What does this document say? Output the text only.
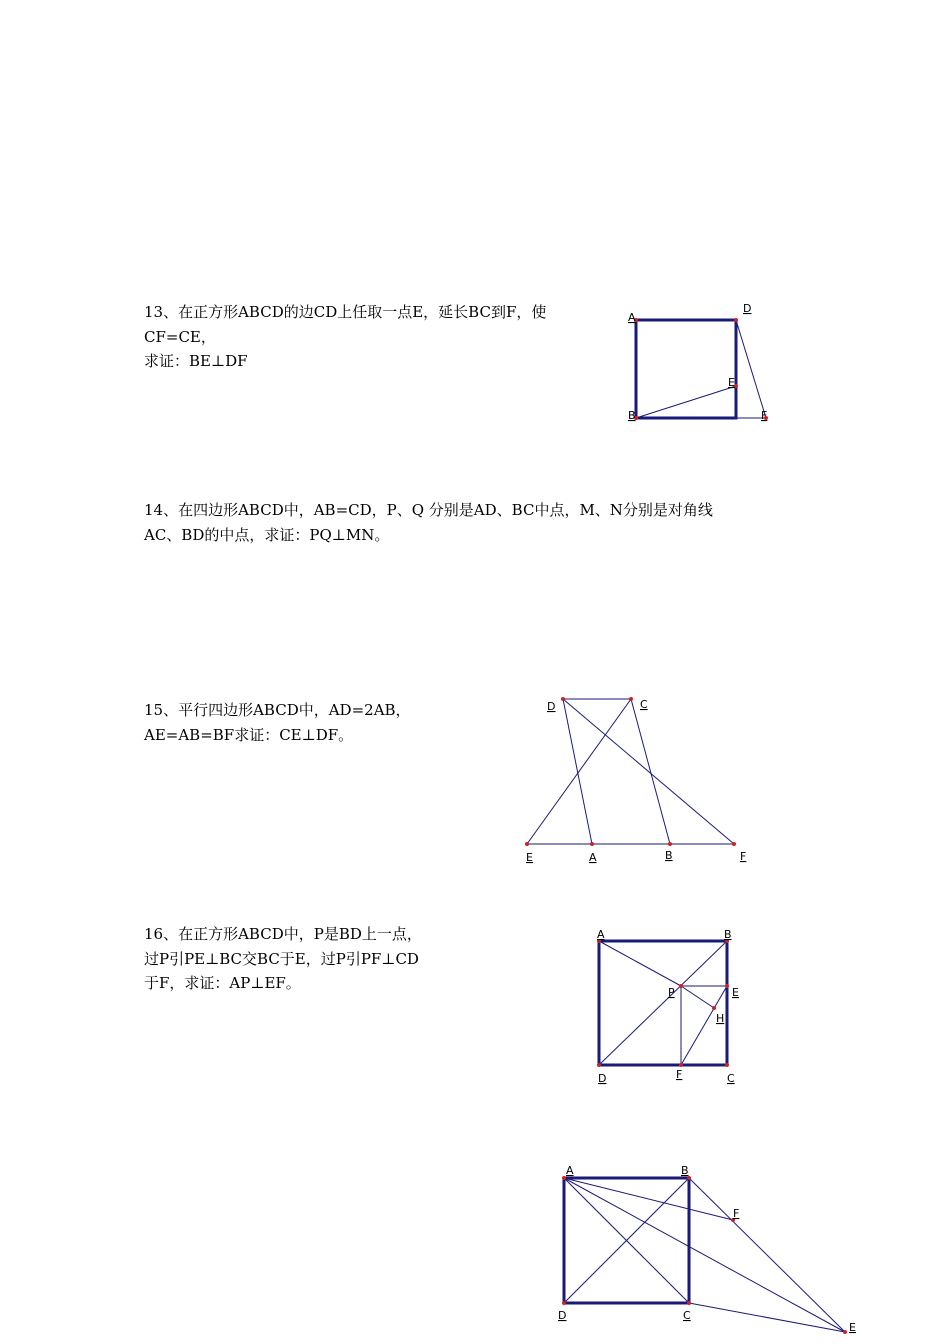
13、在正方形ABCD的边CD上任取一点E，延长BC到F，使
CF=CE，
求证：BE⊥DF
14、在四边形ABCD中，AB=CD，P、Q 分别是AD、BC中点，M、N分别是对角线
AC、BD的中点，求证：PQ⊥MN。
15、平行四边形ABCD中，AD=2AB，
AE=AB=BF求证：CE⊥DF。
16、在正方形ABCD中，P是BD上一点，
过P引PE⊥BC交BC于E，过P引PF⊥CD
于F，求证：AP⊥EF。
A
D
E
B	F
D	C
E	A	B	F
A	B
P	E
H
D	F	C
A	B
F
D	C
E
